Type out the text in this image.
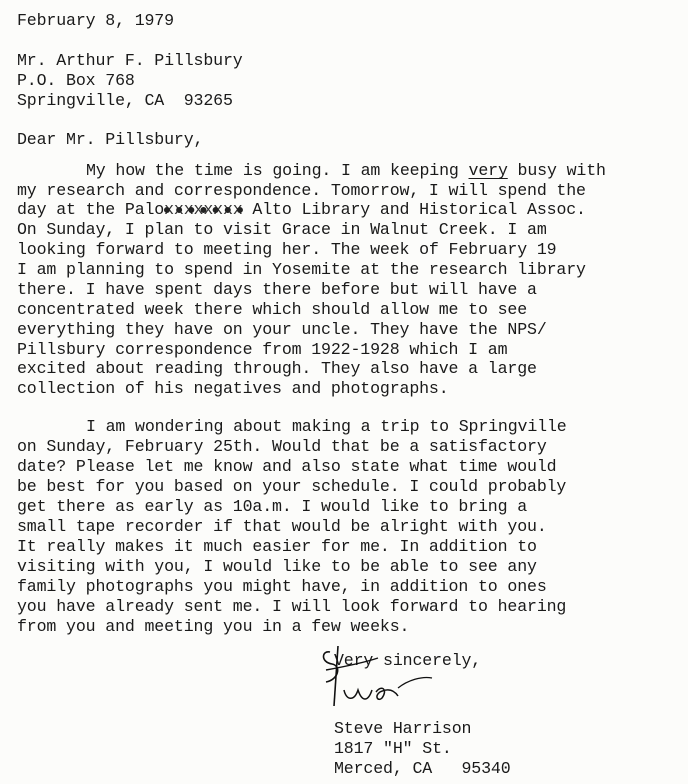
February 8, 1979
Mr. Arthur F. Pillsbury
P.O. Box 768
Springville, CA  93265
Dear Mr. Pillsbury,
My how the time is going. I am keeping very busy with
my research and correspondence. Tomorrow, I will spend the
day at the Paloxxxxxxxx Alto Library and Historical Assoc.
On Sunday, I plan to visit Grace in Walnut Creek. I am
looking forward to meeting her. The week of February 19
I am planning to spend in Yosemite at the research library
there. I have spent days there before but will have a
concentrated week there which should allow me to see
everything they have on your uncle. They have the NPS/
Pillsbury correspondence from 1922-1928 which I am
excited about reading through. They also have a large
collection of his negatives and photographs.
I am wondering about making a trip to Springville
on Sunday, February 25th. Would that be a satisfactory
date? Please let me know and also state what time would
be best for you based on your schedule. I could probably
get there as early as 10a.m. I would like to bring a
small tape recorder if that would be alright with you.
It really makes it much easier for me. In addition to
visiting with you, I would like to be able to see any
family photographs you might have, in addition to ones
you have already sent me. I will look forward to hearing
from you and meeting you in a few weeks.
Very sincerely,
Steve Harrison
1817 "H" St.
Merced, CA   95340
